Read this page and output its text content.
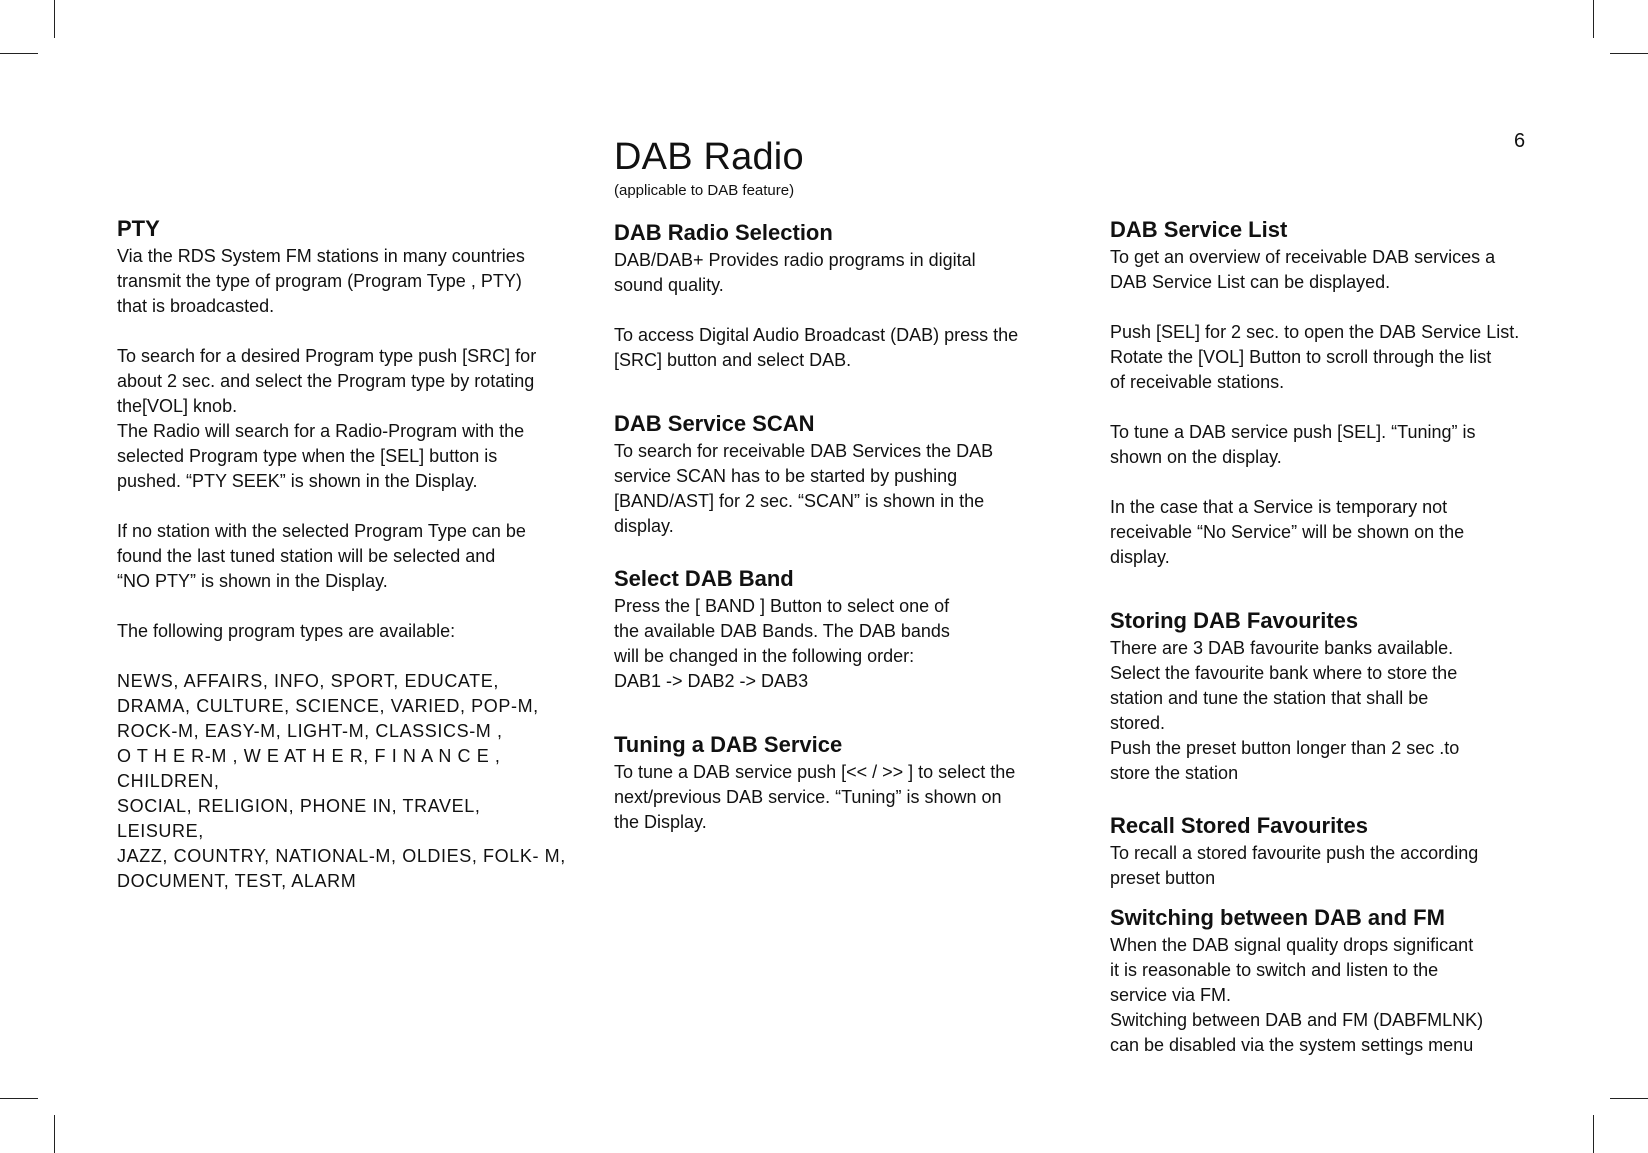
6
DAB Radio
(applicable to DAB feature)
PTY

Via the RDS System FM stations in many countries
transmit the type of program (Program Type , PTY)
that is broadcasted.

To search for a desired Program type push [SRC] for
about 2 sec. and select the Program type by rotating
the[VOL] knob.
The Radio will search for a Radio-Program with the
selected Program type when the [SEL] button is
pushed. “PTY SEEK” is shown in the Display.

If no station with the selected Program Type can be
found the last tuned station will be selected and
“NO PTY” is shown in the Display.

The following program types are available:

NEWS, AFFAIRS, INFO, SPORT, EDUCATE,
DRAMA, CULTURE, SCIENCE, VARIED, POP-M,
ROCK-M, EASY-M, LIGHT-M, CLASSICS-M ,
O T H E R-M , W E AT H E R, F I N A N C E , CHILDREN,
SOCIAL, RELIGION, PHONE IN, TRAVEL, LEISURE,
JAZZ, COUNTRY, NATIONAL-M, OLDIES, FOLK- M,
DOCUMENT, TEST, ALARM

DAB Radio Selection

DAB/DAB+ Provides radio programs in digital
sound quality.

To access Digital Audio Broadcast (DAB) press the
[SRC] button and select DAB.

DAB Service SCAN

To search for receivable DAB Services the DAB
service SCAN has to be started by pushing
[BAND/AST] for 2 sec. “SCAN” is shown in the
display.

Select DAB Band

Press the [ BAND ] Button to select one of
the available DAB Bands. The DAB bands
will be changed in the following order:
DAB1 -> DAB2 -> DAB3

Tuning a DAB Service

To tune a DAB service push [<< / >> ] to select the
next/previous DAB service. “Tuning” is shown on
the Display.

DAB Service List

To get an overview of receivable DAB services a
DAB Service List can be displayed.

Push [SEL] for 2 sec. to open the DAB Service List.
Rotate the [VOL] Button to scroll through the list
of receivable stations.

To tune a DAB service push [SEL]. “Tuning” is
shown on the display.

In the case that a Service is temporary not
receivable “No Service” will be shown on the
display.

Storing DAB Favourites

There are 3 DAB favourite banks available.
Select the favourite bank where to store the
station and tune the station that shall be
stored.
Push the preset button longer than 2 sec .to
store the station

Recall Stored Favourites

To recall a stored favourite push the according
preset button

Switching between DAB and FM

When the DAB signal quality drops significant
it is reasonable to switch and listen to the
service via FM.
Switching between DAB and FM (DABFMLNK)
can be disabled via the system settings menu
